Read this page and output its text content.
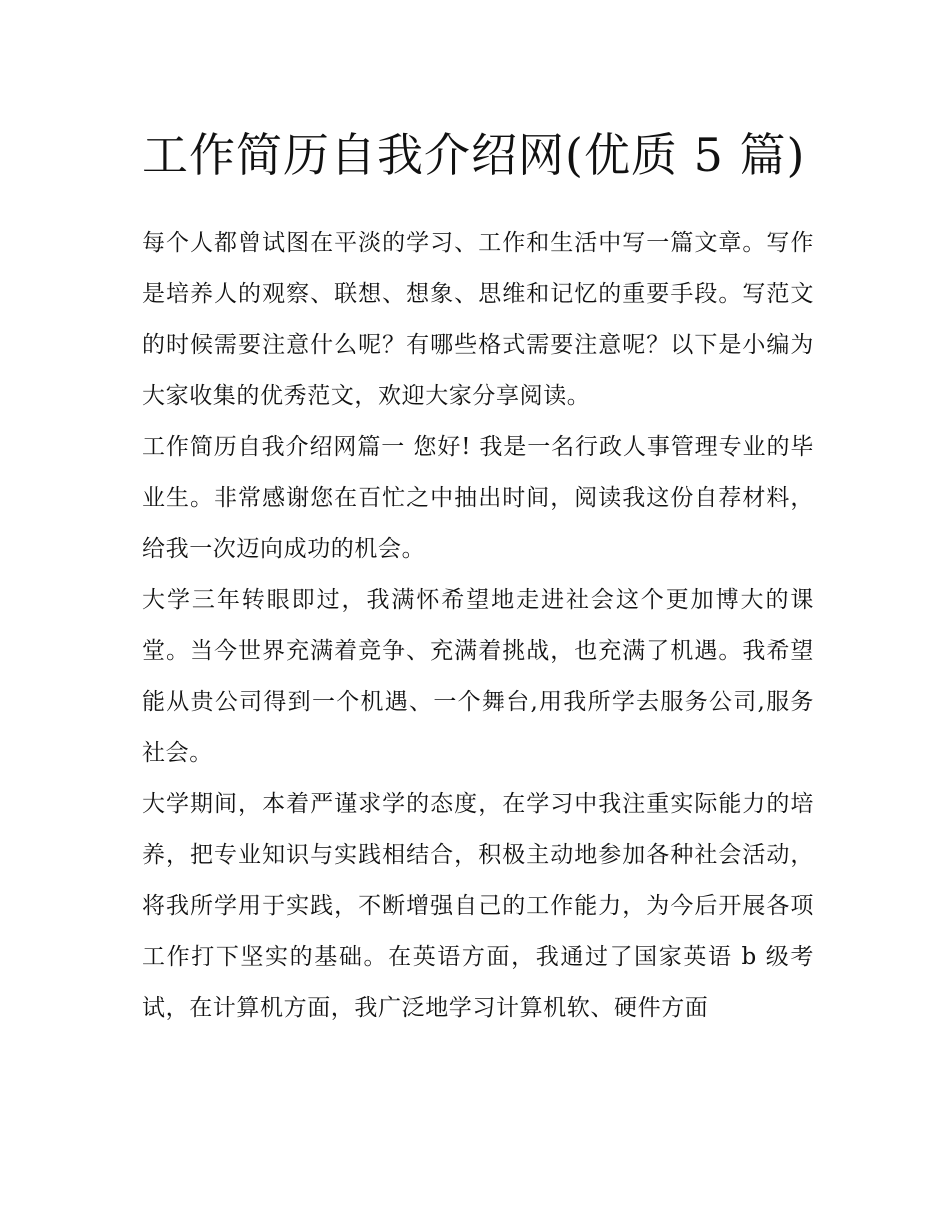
工作简历自我介绍网(优质 5 篇)

每个人都曾试图在平淡的学习、工作和生活中写一篇文章。写作是培养人的观察、联想、想象、思维和记忆的重要手段。写范文的时候需要注意什么呢？有哪些格式需要注意呢？以下是小编为大家收集的优秀范文，欢迎大家分享阅读。

工作简历自我介绍网篇一 您好! 我是一名行政人事管理专业的毕业生。非常感谢您在百忙之中抽出时间，阅读我这份自荐材料，给我一次迈向成功的机会。

大学三年转眼即过，我满怀希望地走进社会这个更加博大的课堂。当今世界充满着竞争、充满着挑战，也充满了机遇。我希望能从贵公司得到一个机遇、一个舞台,用我所学去服务公司,服务社会。

大学期间，本着严谨求学的态度，在学习中我注重实际能力的培养，把专业知识与实践相结合，积极主动地参加各种社会活动，将我所学用于实践，不断增强自己的工作能力，为今后开展各项工作打下坚实的基础。在英语方面，我通过了国家英语 b 级考试，在计算机方面，我广泛地学习计算机软、硬件方面
